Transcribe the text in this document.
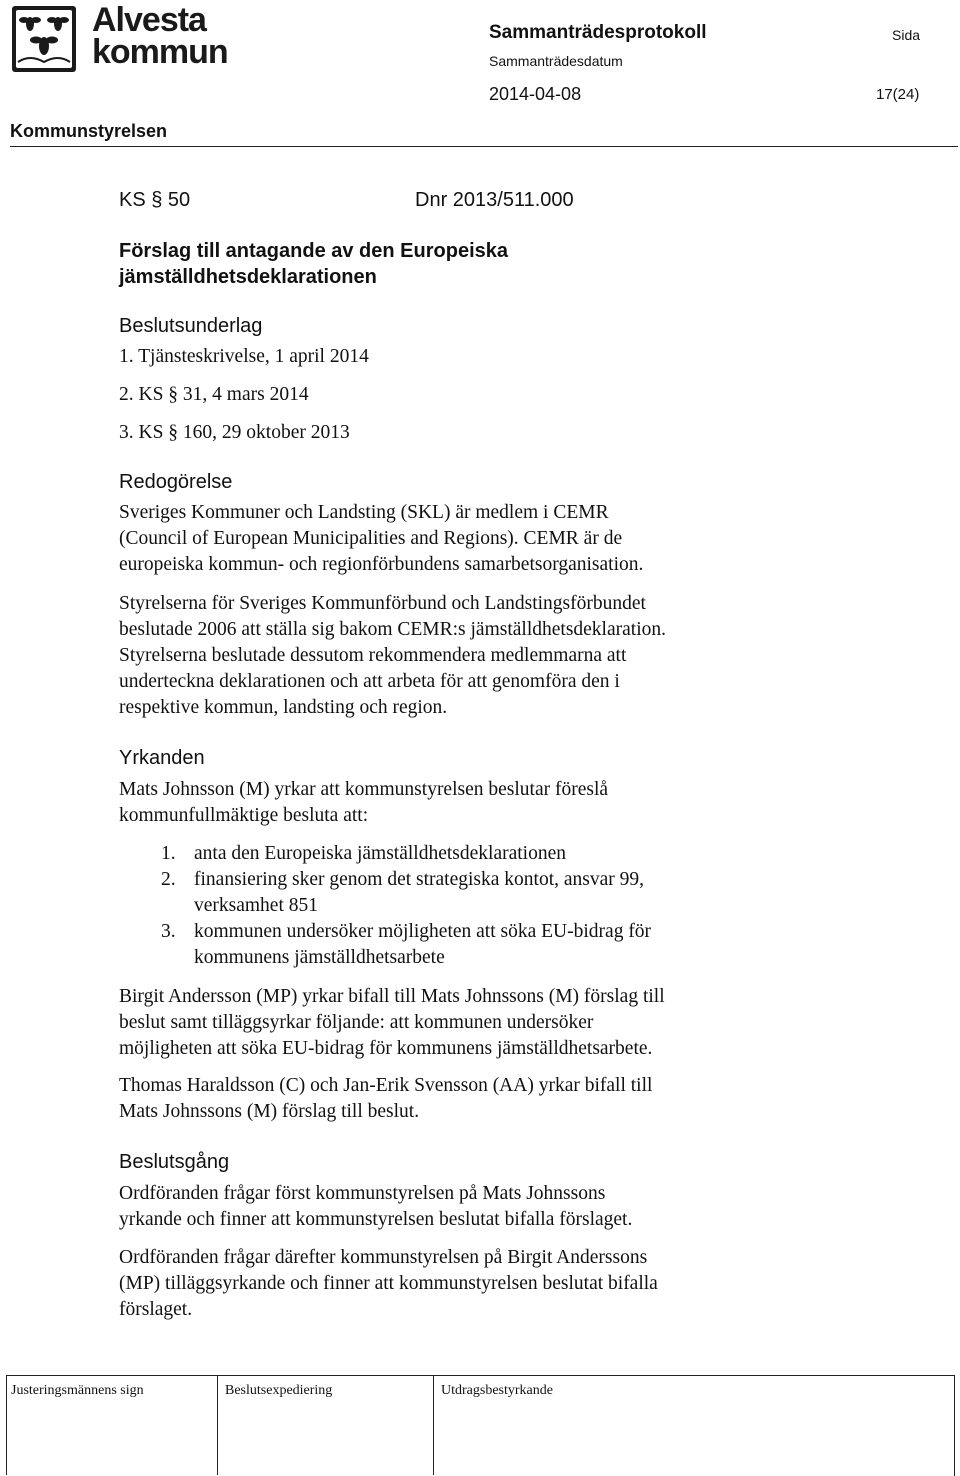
Alvesta
kommun
Sammanträdesprotokoll	Sida
Sammanträdesdatum
2014-04-08	17(24)
Kommunstyrelsen
KS § 50	Dnr 2013/511.000
Förslag till antagande av den Europeiska
jämställdhetsdeklarationen
Beslutsunderlag
1. Tjänsteskrivelse, 1 april 2014
2. KS § 31, 4 mars 2014
3. KS § 160, 29 oktober 2013
Redogörelse
Sveriges Kommuner och Landsting (SKL) är medlem i CEMR
(Council of European Municipalities and Regions). CEMR är de
europeiska kommun- och regionförbundens samarbetsorganisation.
Styrelserna för Sveriges Kommunförbund och Landstingsförbundet
beslutade 2006 att ställa sig bakom CEMR:s jämställdhetsdeklaration.
Styrelserna beslutade dessutom rekommendera medlemmarna att
underteckna deklarationen och att arbeta för att genomföra den i
respektive kommun, landsting och region.
Yrkanden
Mats Johnsson (M) yrkar att kommunstyrelsen beslutar föreslå
kommunfullmäktige besluta att:
1. anta den Europeiska jämställdhetsdeklarationen
2. finansiering sker genom det strategiska kontot, ansvar 99,
verksamhet 851
3. kommunen undersöker möjligheten att söka EU-bidrag för
kommunens jämställdhetsarbete
Birgit Andersson (MP) yrkar bifall till Mats Johnssons (M) förslag till
beslut samt tilläggsyrkar följande: att kommunen undersöker
möjligheten att söka EU-bidrag för kommunens jämställdhetsarbete.
Thomas Haraldsson (C) och Jan-Erik Svensson (AA) yrkar bifall till
Mats Johnssons (M) förslag till beslut.
Beslutsgång
Ordföranden frågar först kommunstyrelsen på Mats Johnssons
yrkande och finner att kommunstyrelsen beslutat bifalla förslaget.
Ordföranden frågar därefter kommunstyrelsen på Birgit Anderssons
(MP) tilläggsyrkande och finner att kommunstyrelsen beslutat bifalla
förslaget.
Justeringsmännens sign	Beslutsexpediering	Utdragsbestyrkande
